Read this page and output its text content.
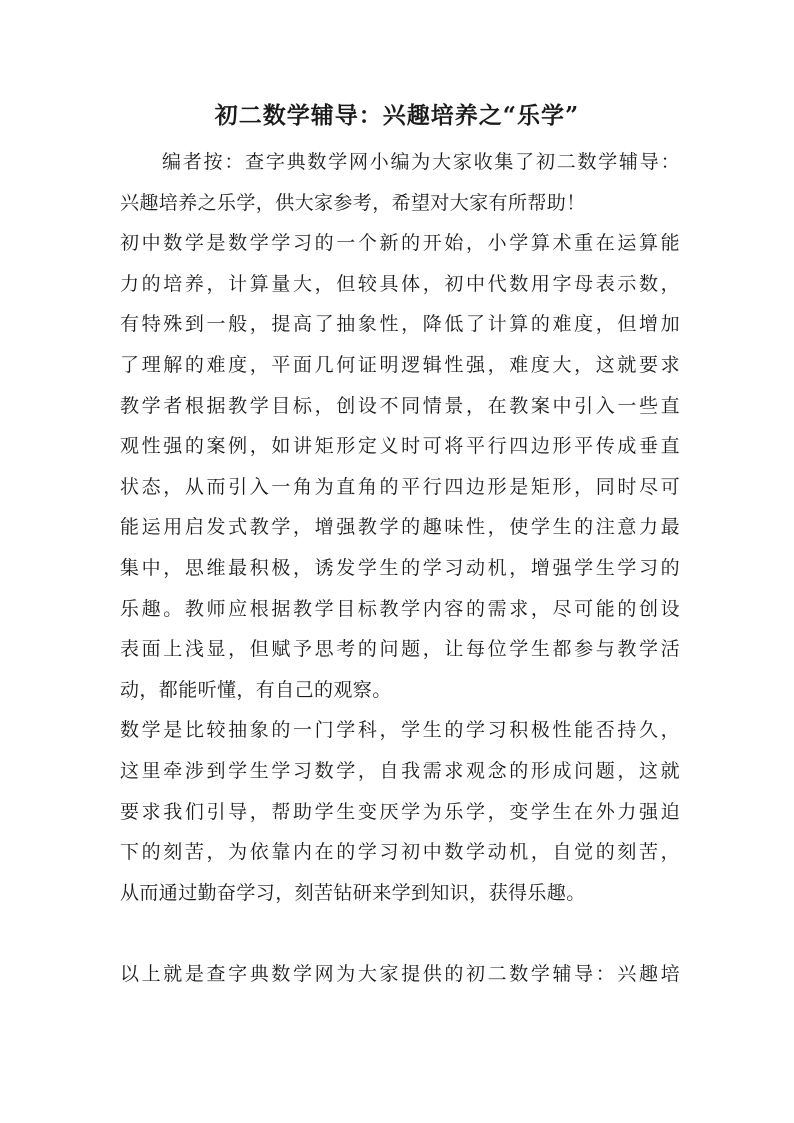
初二数学辅导：兴趣培养之“乐学”
编者按：查字典数学网小编为大家收集了初二数学辅导：
兴趣培养之乐学，供大家参考，希望对大家有所帮助！
初中数学是数学学习的一个新的开始，小学算术重在运算能
力的培养，计算量大，但较具体，初中代数用字母表示数，
有特殊到一般，提高了抽象性，降低了计算的难度，但增加
了理解的难度，平面几何证明逻辑性强，难度大，这就要求
教学者根据教学目标，创设不同情景，在教案中引入一些直
观性强的案例，如讲矩形定义时可将平行四边形平传成垂直
状态，从而引入一角为直角的平行四边形是矩形，同时尽可
能运用启发式教学，增强教学的趣味性，使学生的注意力最
集中，思维最积极，诱发学生的学习动机，增强学生学习的
乐趣。教师应根据教学目标教学内容的需求，尽可能的创设
表面上浅显，但赋予思考的问题，让每位学生都参与教学活
动，都能听懂，有自己的观察。
数学是比较抽象的一门学科，学生的学习积极性能否持久，
这里牵涉到学生学习数学，自我需求观念的形成问题，这就
要求我们引导，帮助学生变厌学为乐学，变学生在外力强迫
下的刻苦，为依靠内在的学习初中数学动机，自觉的刻苦，
从而通过勤奋学习，刻苦钻研来学到知识，获得乐趣。
以上就是查字典数学网为大家提供的初二数学辅导：兴趣培
